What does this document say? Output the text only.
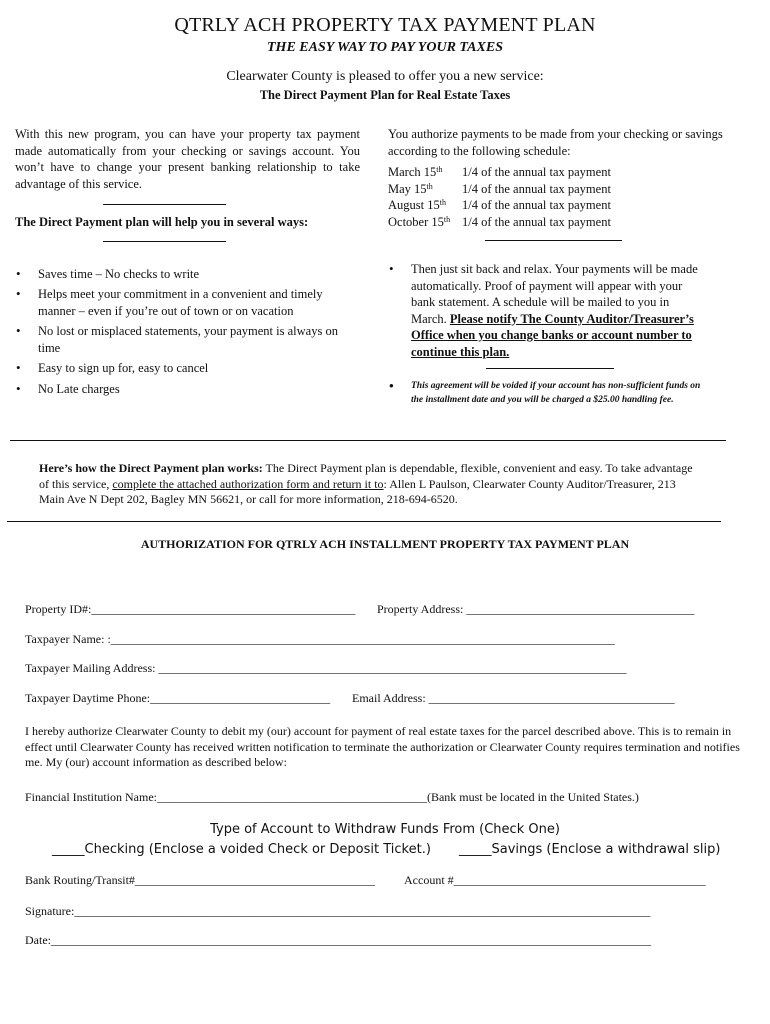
QTRLY ACH PROPERTY TAX PAYMENT PLAN
THE EASY WAY TO PAY YOUR TAXES
Clearwater County is pleased to offer you a new service:
The Direct Payment Plan for Real Estate Taxes

With this new program, you can have your property tax payment made automatically from your checking or savings account. You won’t have to change your present banking relationship to take advantage of this service.

The Direct Payment plan will help you in several ways:

• Saves time – No checks to write
• Helps meet your commitment in a convenient and timely manner – even if you’re out of town or on vacation
• No lost or misplaced statements, your payment is always on time
• Easy to sign up for, easy to cancel
• No Late charges

You authorize payments to be made from your checking or savings according to the following schedule:

March 15th	1/4 of the annual tax payment
May 15th	1/4 of the annual tax payment
August 15th	1/4 of the annual tax payment
October 15th 1/4 of the annual tax payment
• Then just sit back and relax. Your payments will be made automatically. Proof of payment will appear with your bank statement. A schedule will be mailed to you in March. Please notify The County Auditor/Treasurer’s Office when you change banks or account number to continue this plan.
• This agreement will be voided if your account has non-sufficient funds on the installment date and you will be charged a $25.00 handling fee.
Here’s how the Direct Payment plan works: The Direct Payment plan is dependable, flexible, convenient and easy. To take advantage of this service, complete the attached authorization form and return it to: Allen L Paulson, Clearwater County Auditor/Treasurer, 213 Main Ave N Dept 202, Bagley MN 56621, or call for more information, 218-694-6520.
AUTHORIZATION FOR QTRLY ACH INSTALLMENT PROPERTY TAX PAYMENT PLAN
Property ID#:____________________________________________ Property Address: ______________________________________
Taxpayer Name: :____________________________________________________________________________________
Taxpayer Mailing Address: ______________________________________________________________________________
Taxpayer Daytime Phone:______________________________ Email Address: _________________________________________
I hereby authorize Clearwater County to debit my (our) account for payment of real estate taxes for the parcel described above. This is to remain in effect until Clearwater County has received written notification to terminate the authorization or Clearwater County requires termination and notifies me. My (our) account information as described below:
Financial Institution Name:_____________________________________________(Bank must be located in the United States.)
Type of Account to Withdraw Funds From (Check One)
_____Checking (Enclose a voided Check or Deposit Ticket.) _____Savings (Enclose a withdrawal slip)
Bank Routing/Transit#________________________________________ Account #__________________________________________
Signature:________________________________________________________________________________________________
Date:____________________________________________________________________________________________________
